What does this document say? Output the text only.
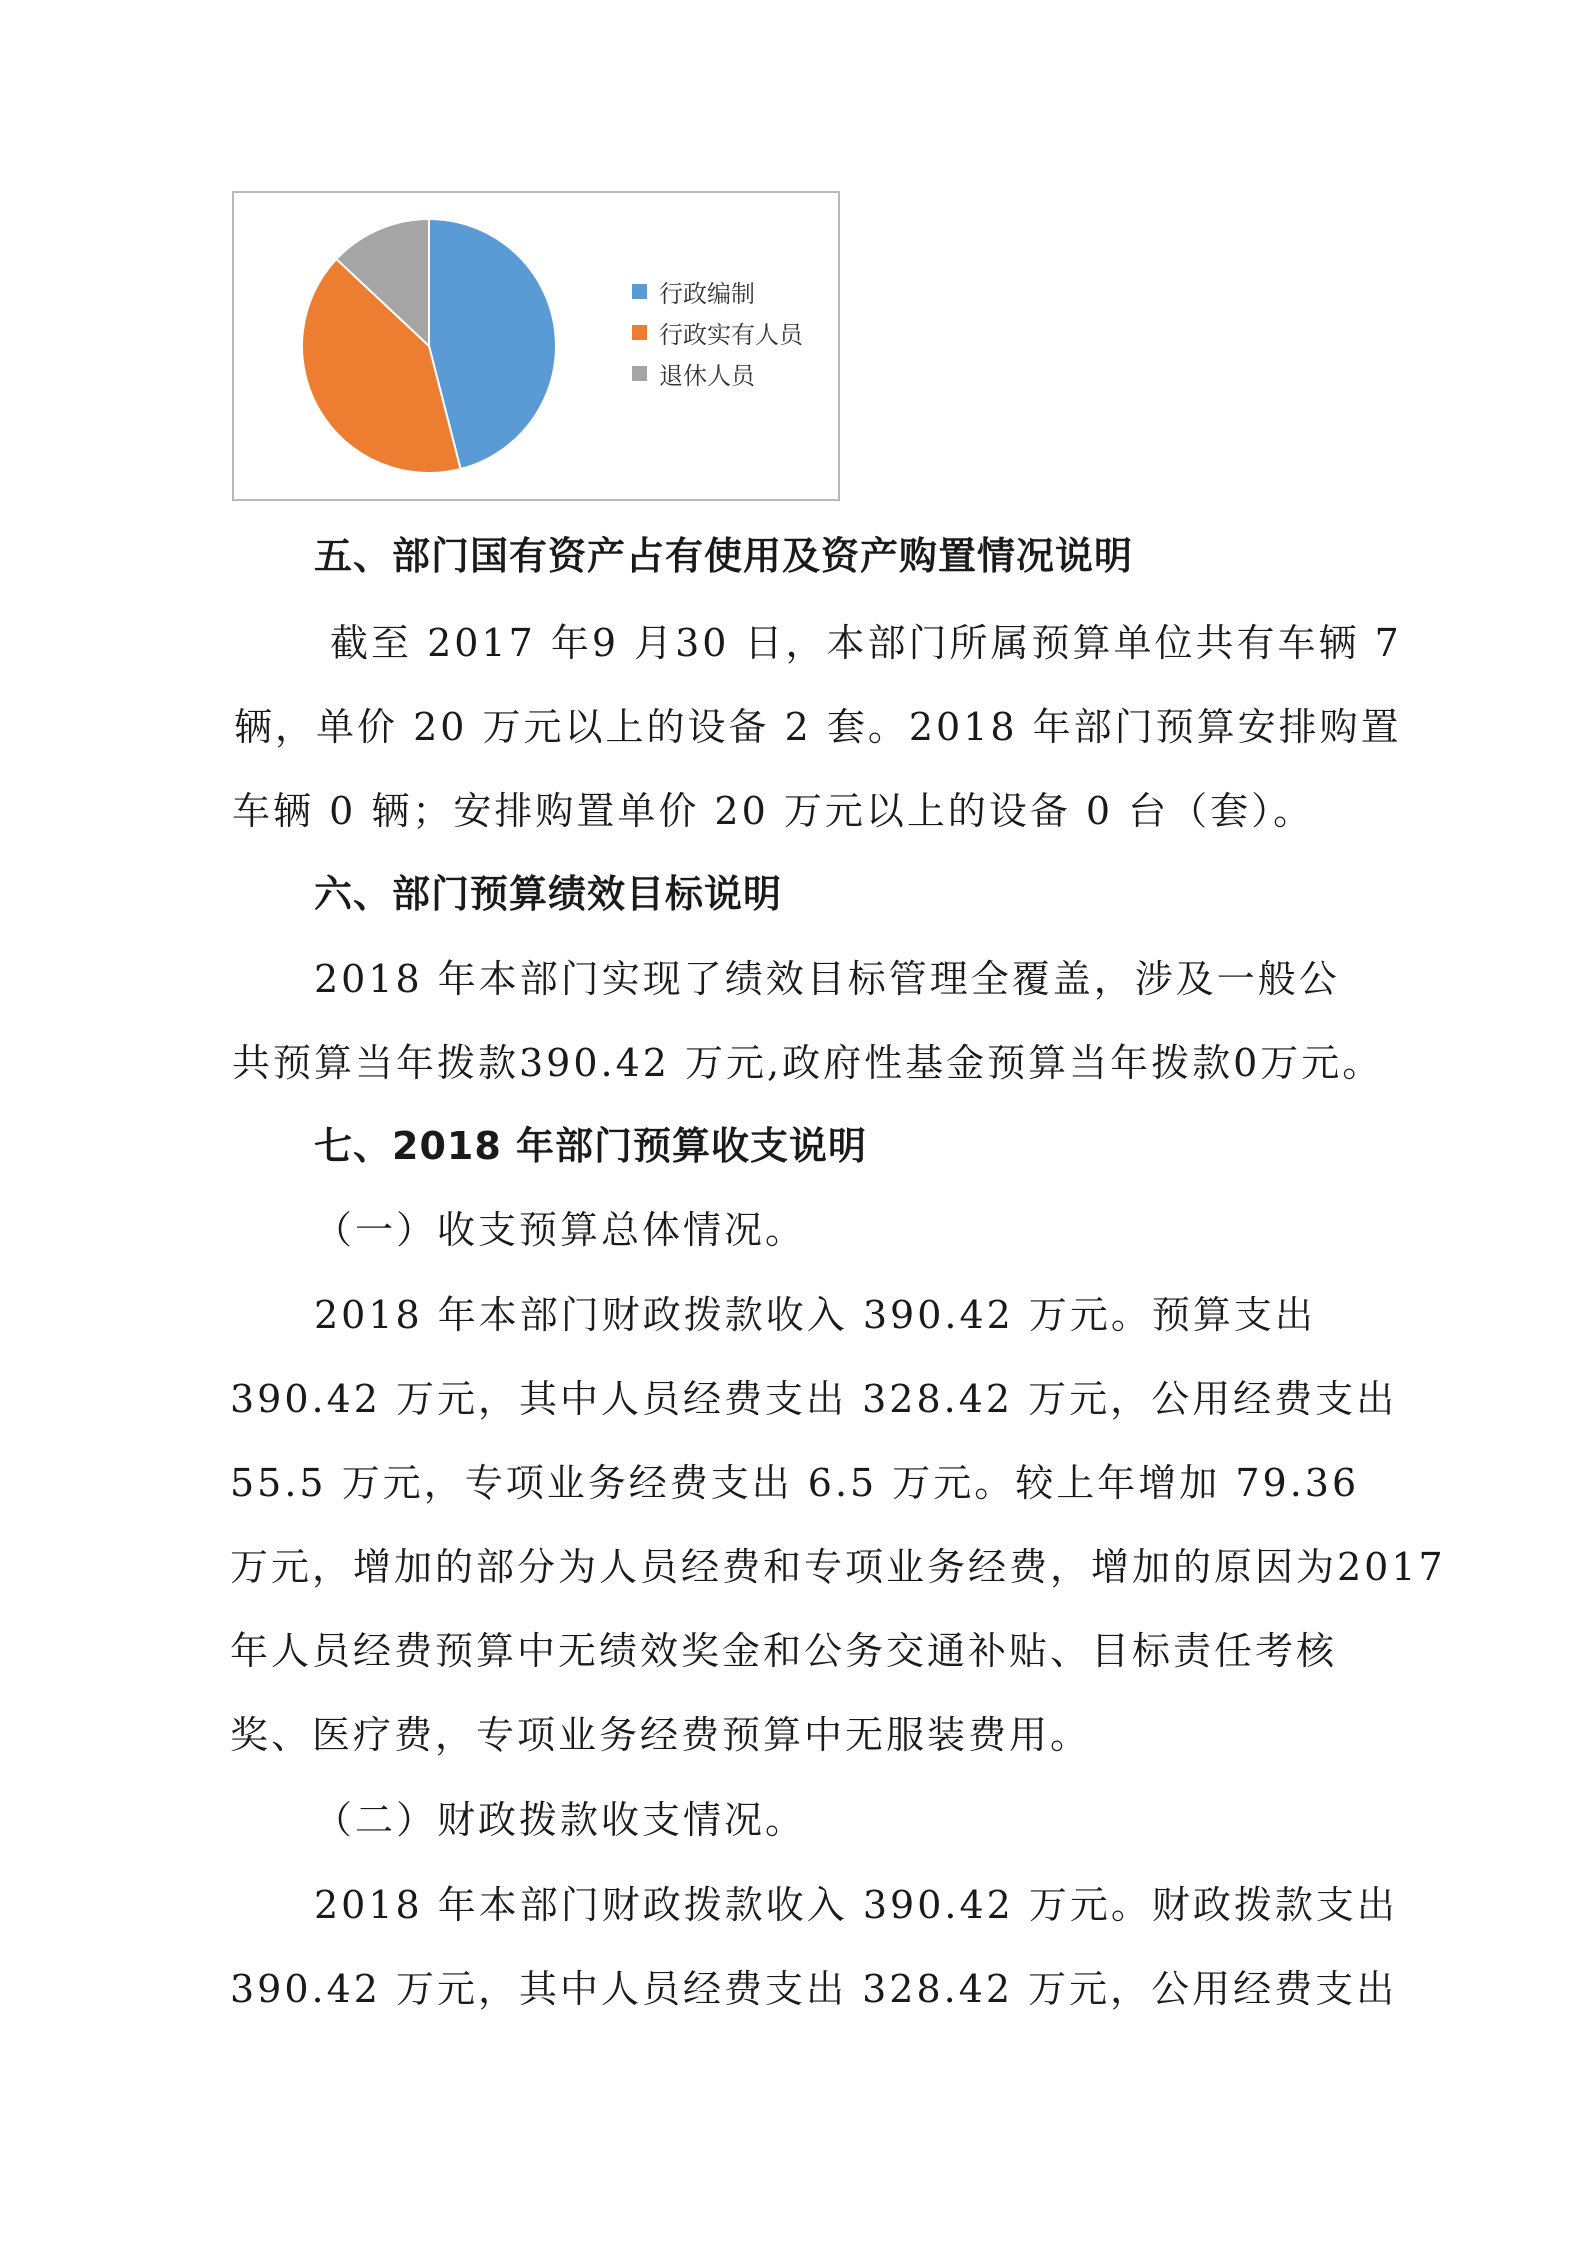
行政编制
行政实有人员
退休人员
五、部门国有资产占有使用及资产购置情况说明
截至 2017 年9 月30 日，本部门所属预算单位共有车辆 7
辆，单价 20 万元以上的设备 2 套。2018 年部门预算安排购置
车辆 0 辆；安排购置单价 20 万元以上的设备 0 台（套）。
六、部门预算绩效目标说明
2018 年本部门实现了绩效目标管理全覆盖，涉及一般公
共预算当年拨款390.42 万元,政府性基金预算当年拨款0万元。
七、2018 年部门预算收支说明
（一）收支预算总体情况。
2018 年本部门财政拨款收入 390.42 万元。预算支出
390.42 万元，其中人员经费支出 328.42 万元，公用经费支出
55.5 万元，专项业务经费支出 6.5 万元。较上年增加 79.36
万元，增加的部分为人员经费和专项业务经费，增加的原因为2017
年人员经费预算中无绩效奖金和公务交通补贴、目标责任考核
奖、医疗费，专项业务经费预算中无服装费用。
（二）财政拨款收支情况。
2018 年本部门财政拨款收入 390.42 万元。财政拨款支出
390.42 万元，其中人员经费支出 328.42 万元，公用经费支出
